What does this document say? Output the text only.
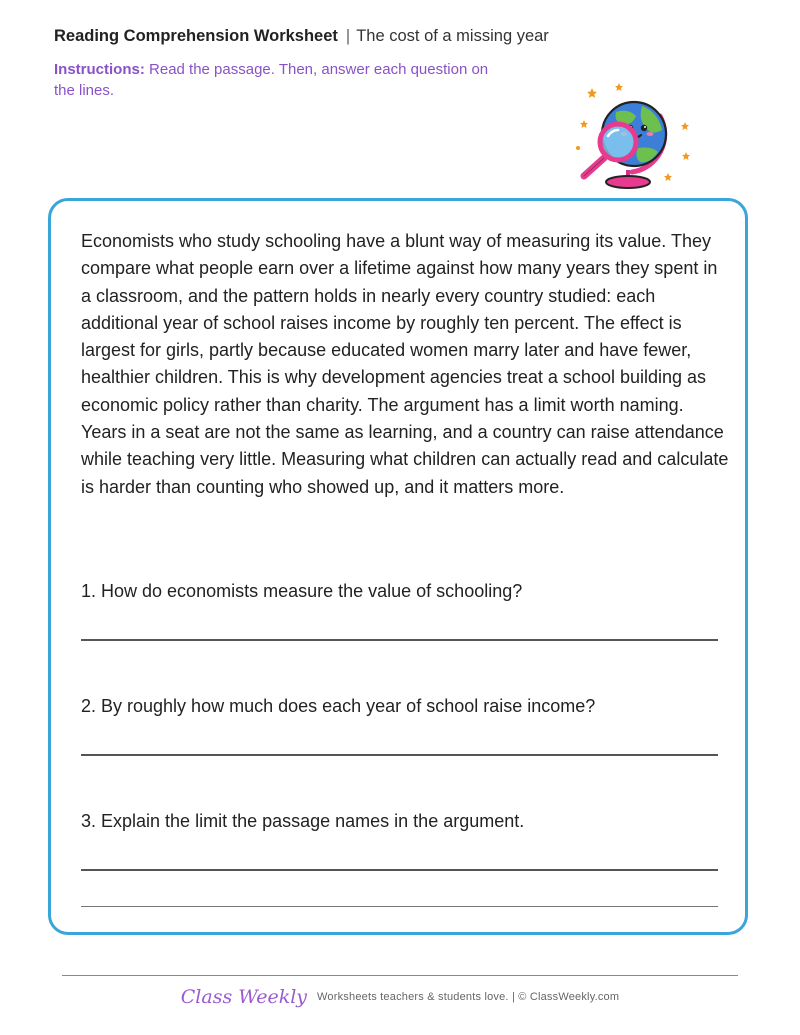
Reading Comprehension Worksheet | The cost of a missing year
Instructions: Read the passage. Then, answer each question on the lines.
Economists who study schooling have a blunt way of measuring its value. They compare what people earn over a lifetime against how many years they spent in a classroom, and the pattern holds in nearly every country studied: each additional year of school raises income by roughly ten percent. The effect is largest for girls, partly because educated women marry later and have fewer, healthier children. This is why development agencies treat a school building as economic policy rather than charity. The argument has a limit worth naming. Years in a seat are not the same as learning, and a country can raise attendance while teaching very little. Measuring what children can actually read and calculate is harder than counting who showed up, and it matters more.
1. How do economists measure the value of schooling?
2. By roughly how much does each year of school raise income?
3. Explain the limit the passage names in the argument.
Class Weekly Worksheets teachers & students love. | © ClassWeekly.com
